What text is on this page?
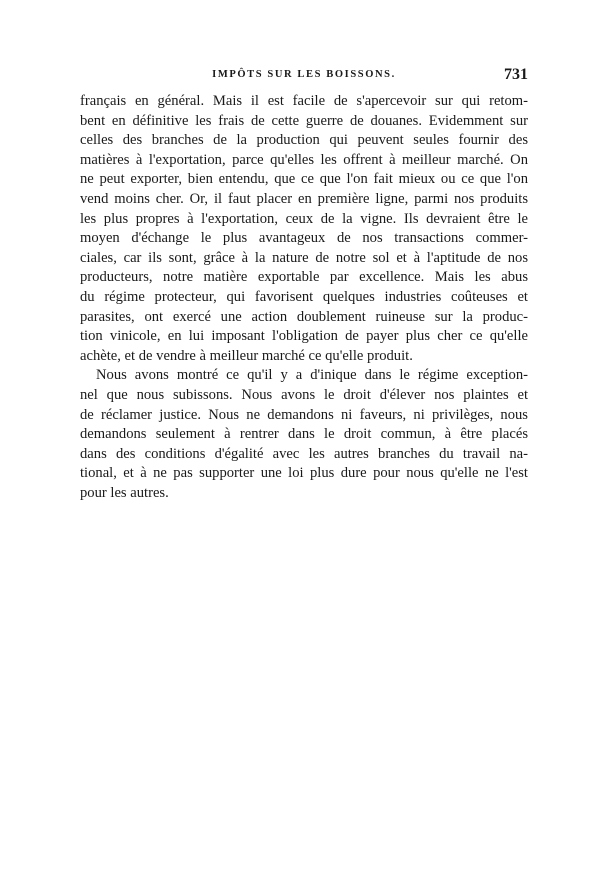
IMPÔTS SUR LES BOISSONS.	731
français en général. Mais il est facile de s'apercevoir sur qui retom-
bent en définitive les frais de cette guerre de douanes. Evidemment sur
celles des branches de la production qui peuvent seules fournir des
matières à l'exportation, parce qu'elles les offrent à meilleur marché. On
ne peut exporter, bien entendu, que ce que l'on fait mieux ou ce que l'on
vend moins cher. Or, il faut placer en première ligne, parmi nos produits
les plus propres à l'exportation, ceux de la vigne. Ils devraient être le
moyen d'échange le plus avantageux de nos transactions commer-
ciales, car ils sont, grâce à la nature de notre sol et à l'aptitude de nos
producteurs, notre matière exportable par excellence. Mais les abus
du régime protecteur, qui favorisent quelques industries coûteuses et
parasites, ont exercé une action doublement ruineuse sur la produc-
tion vinicole, en lui imposant l'obligation de payer plus cher ce qu'elle
achète, et de vendre à meilleur marché ce qu'elle produit.
Nous avons montré ce qu'il y a d'inique dans le régime exception-
nel que nous subissons. Nous avons le droit d'élever nos plaintes et
de réclamer justice. Nous ne demandons ni faveurs, ni privilèges, nous
demandons seulement à rentrer dans le droit commun, à être placés
dans des conditions d'égalité avec les autres branches du travail na-
tional, et à ne pas supporter une loi plus dure pour nous qu'elle ne l'est
pour les autres.
